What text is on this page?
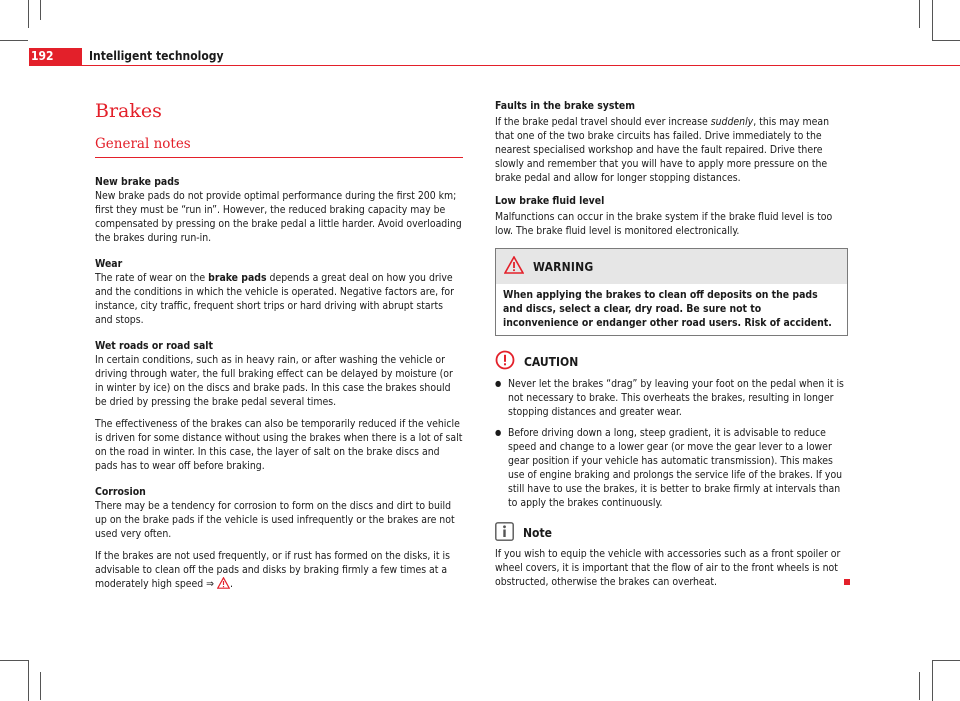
192	Intelligent technology
Brakes
General notes
New brake pads

New brake pads do not provide optimal performance during the first 200 km; first they must be “run in”. However, the reduced braking capacity may be compensated by pressing on the brake pedal a little harder. Avoid overloading the brakes during run-in.

Wear

The rate of wear on the brake pads depends a great deal on how you drive and the conditions in which the vehicle is operated. Negative factors are, for instance, city traffic, frequent short trips or hard driving with abrupt starts and stops.

Wet roads or road salt

In certain conditions, such as in heavy rain, or after washing the vehicle or driving through water, the full braking effect can be delayed by moisture (or in winter by ice) on the discs and brake pads. In this case the brakes should be dried by pressing the brake pedal several times.

The effectiveness of the brakes can also be temporarily reduced if the vehicle is driven for some distance without using the brakes when there is a lot of salt on the road in winter. In this case, the layer of salt on the brake discs and pads has to wear off before braking.

Corrosion

There may be a tendency for corrosion to form on the discs and dirt to build up on the brake pads if the vehicle is used infrequently or the brakes are not used very often.

If the brakes are not used frequently, or if rust has formed on the disks, it is advisable to clean off the pads and disks by braking firmly a few times at a moderately high speed ⇒ .

Faults in the brake system

If the brake pedal travel should ever increase suddenly, this may mean that one of the two brake circuits has failed. Drive immediately to the nearest specialised workshop and have the fault repaired. Drive there slowly and remember that you will have to apply more pressure on the brake pedal and allow for longer stopping distances.

Low brake fluid level

Malfunctions can occur in the brake system if the brake fluid level is too low. The brake fluid level is monitored electronically.

WARNING
When applying the brakes to clean off deposits on the pads and discs, select a clear, dry road. Be sure not to inconvenience or endanger other road users. Risk of accident.
CAUTION
● Never let the brakes “drag” by leaving your foot on the pedal when it is not necessary to brake. This overheats the brakes, resulting in longer stopping distances and greater wear.
● Before driving down a long, steep gradient, it is advisable to reduce speed and change to a lower gear (or move the gear lever to a lower gear position if your vehicle has automatic transmission). This makes use of engine braking and prolongs the service life of the brakes. If you still have to use the brakes, it is better to brake firmly at intervals than to apply the brakes continuously.
Note

If you wish to equip the vehicle with accessories such as a front spoiler or wheel covers, it is important that the flow of air to the front wheels is not obstructed, otherwise the brakes can overheat.
